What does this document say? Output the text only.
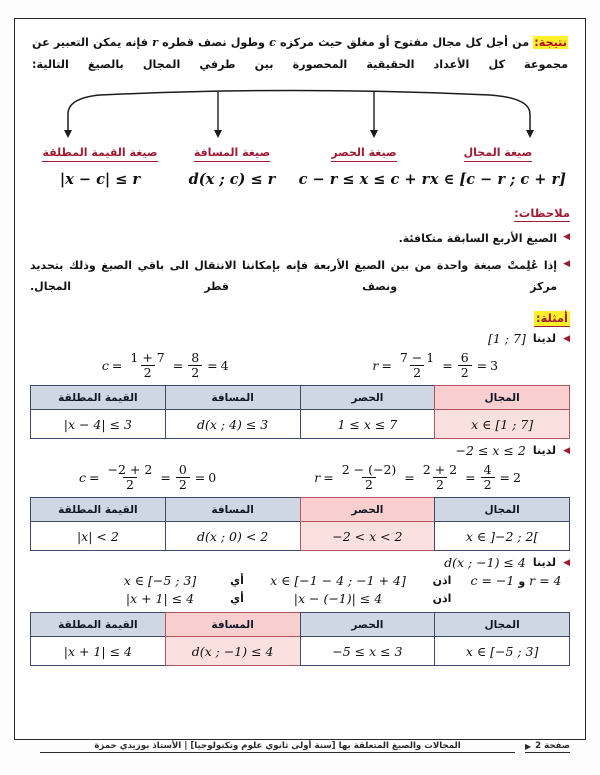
نتيجة: من أجل كل مجال مفتوح أو مغلق حيث مركزه c وطول نصف قطره r فإنه يمكن التعبير عن مجموعة كل الأعداد الحقيقية المحصورة بين طرفي المجال بالصيغ التالية:
صيغة القيمة المطلقة
|x − c| ≤ r
صيغة المسافة
d(x ; c) ≤ r
صيغة الحصر
c − r ≤ x ≤ c + r
صيغة المجال
x ∈ [c − r ; c + r]
ملاحظات:
◀
الصيغ الأربع السابقة متكافئة.
◀
إذا عُلِمتْ صيغة واحدة من بين الصيغ الأربعة فإنه بإمكاننا الانتقال الى باقي الصيغ وذلك بتحديد مركز ونصف قطر المجال.
أمثلة:
◀
لدينا
[1 ; 7]
$c = \frac{1 + 7}{2} = \frac{8}{2} = 4$	$r = \frac{7 - 1}{2} = \frac{6}{2} = 3$
المجال	الحصر	المسافة	القيمة المطلقة
x ∈ [1 ; 7]	1 ≤ x ≤ 7	d(x ; 4) ≤ 3	|x − 4| ≤ 3
◀
لدينا
−2 ≤ x ≤ 2
$c = \frac{-2 + 2}{2} = \frac{0}{2} = 0$	$r = \frac{2 - (-2)}{2} = \frac{2 + 2}{2} = \frac{4}{2} = 2$
المجال	الحصر	المسافة	القيمة المطلقة
x ∈ ]−2 ; 2[	−2 < x < 2	d(x ; 0) < 2	|x| < 2
◀
لدينا
d(x ; −1) ≤ 4
c = −1 و r = 4
اذن
x ∈ [−1 − 4 ; −1 + 4]
أي
x ∈ [−5 ; 3]
اذن
|x − (−1)| ≤ 4
أي
|x + 1| ≤ 4
المجال	الحصر	المسافة	القيمة المطلقة
x ∈ [−5 ; 3]	−5 ≤ x ≤ 3	d(x ; −1) ≤ 4	|x + 1| ≤ 4
المجالات والصيغ المتعلقة بها [سنة أولى ثانوي علوم وتكنولوجيا] | الأستاذ بوزيدي حمزة	صفحة 2
▶
